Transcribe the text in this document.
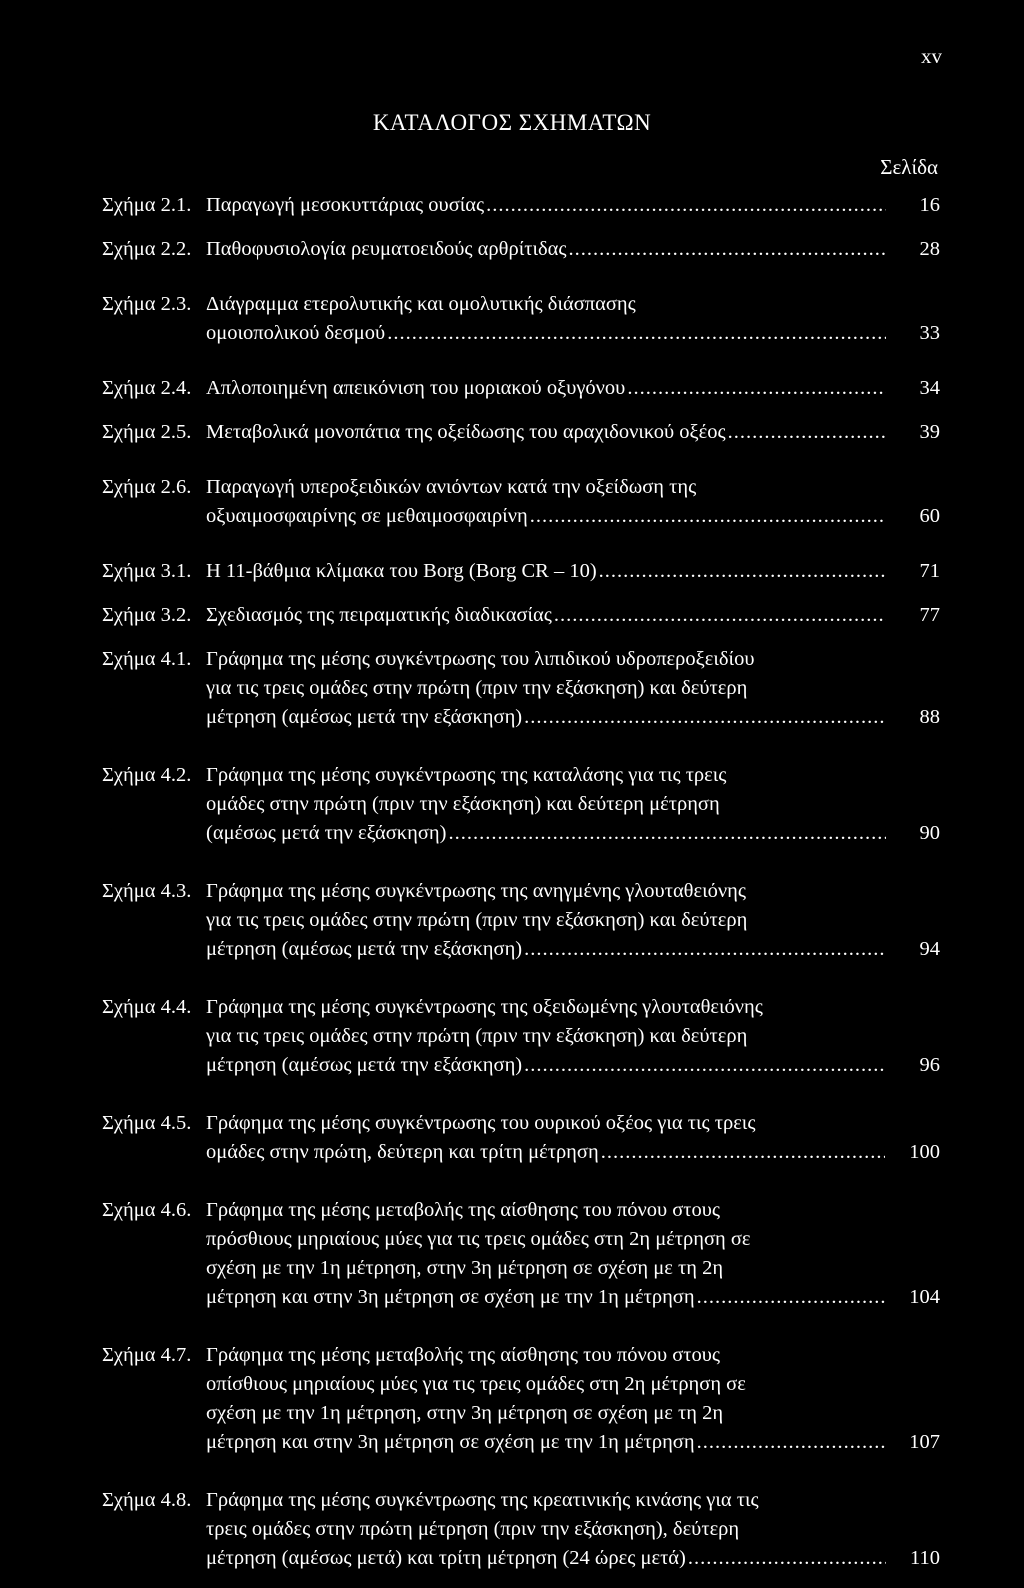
xv
ΚΑΤΑΛΟΓΟΣ ΣΧΗΜΑΤΩΝ
Σελίδα
Σχήμα 2.1. Παραγωγή μεσοκυττάριας ουσίας .....	16
Σχήμα 2.2. Παθοφυσιολογία ρευματοειδούς αρθρίτιδας .....	28
Σχήμα 2.3. Διάγραμμα ετερολυτικής και ομολυτικής διάσπασης
ομοιοπολικού δεσμού .....	33
Σχήμα 2.4. Απλοποιημένη απεικόνιση του μοριακού οξυγόνου .....	34
Σχήμα 2.5. Μεταβολικά μονοπάτια της οξείδωσης του αραχιδονικού οξέος .....	39
Σχήμα 2.6. Παραγωγή υπεροξειδικών ανιόντων κατά την οξείδωση της
οξυαιμοσφαιρίνης σε μεθαιμοσφαιρίνη .....	60
Σχήμα 3.1. Η 11-βάθμια κλίμακα του Borg (Borg CR – 10) .....	71
Σχήμα 3.2. Σχεδιασμός της πειραματικής διαδικασίας .....	77
Σχήμα 4.1. Γράφημα της μέσης συγκέντρωσης του λιπιδικού υδροπεροξειδίου
για τις τρεις ομάδες στην πρώτη (πριν την εξάσκηση) και δεύτερη
μέτρηση (αμέσως μετά την εξάσκηση) .....	88
Σχήμα 4.2. Γράφημα της μέσης συγκέντρωσης της καταλάσης για τις τρεις
ομάδες στην πρώτη (πριν την εξάσκηση) και δεύτερη μέτρηση
(αμέσως μετά την εξάσκηση) .....	90
Σχήμα 4.3. Γράφημα της μέσης συγκέντρωσης της ανηγμένης γλουταθειόνης
για τις τρεις ομάδες στην πρώτη (πριν την εξάσκηση) και δεύτερη
μέτρηση (αμέσως μετά την εξάσκηση) .....	94
Σχήμα 4.4. Γράφημα της μέσης συγκέντρωσης της οξειδωμένης γλουταθειόνης
για τις τρεις ομάδες στην πρώτη (πριν την εξάσκηση) και δεύτερη
μέτρηση (αμέσως μετά την εξάσκηση) .....	96
Σχήμα 4.5. Γράφημα της μέσης συγκέντρωσης του ουρικού οξέος για τις τρεις
ομάδες στην πρώτη, δεύτερη και τρίτη μέτρηση .....	100
Σχήμα 4.6. Γράφημα της μέσης μεταβολής της αίσθησης του πόνου στους
πρόσθιους μηριαίους μύες για τις τρεις ομάδες στη 2η μέτρηση σε
σχέση με την 1η μέτρηση, στην 3η μέτρηση σε σχέση με τη 2η
μέτρηση και στην 3η μέτρηση σε σχέση με την 1η μέτρηση .....	104
Σχήμα 4.7. Γράφημα της μέσης μεταβολής της αίσθησης του πόνου στους
οπίσθιους μηριαίους μύες για τις τρεις ομάδες στη 2η μέτρηση σε
σχέση με την 1η μέτρηση, στην 3η μέτρηση σε σχέση με τη 2η
μέτρηση και στην 3η μέτρηση σε σχέση με την 1η μέτρηση .....	107
Σχήμα 4.8. Γράφημα της μέσης συγκέντρωσης της κρεατινικής κινάσης για τις
τρεις ομάδες στην πρώτη μέτρηση (πριν την εξάσκηση), δεύτερη
μέτρηση (αμέσως μετά) και τρίτη μέτρηση (24 ώρες μετά) .....	110
